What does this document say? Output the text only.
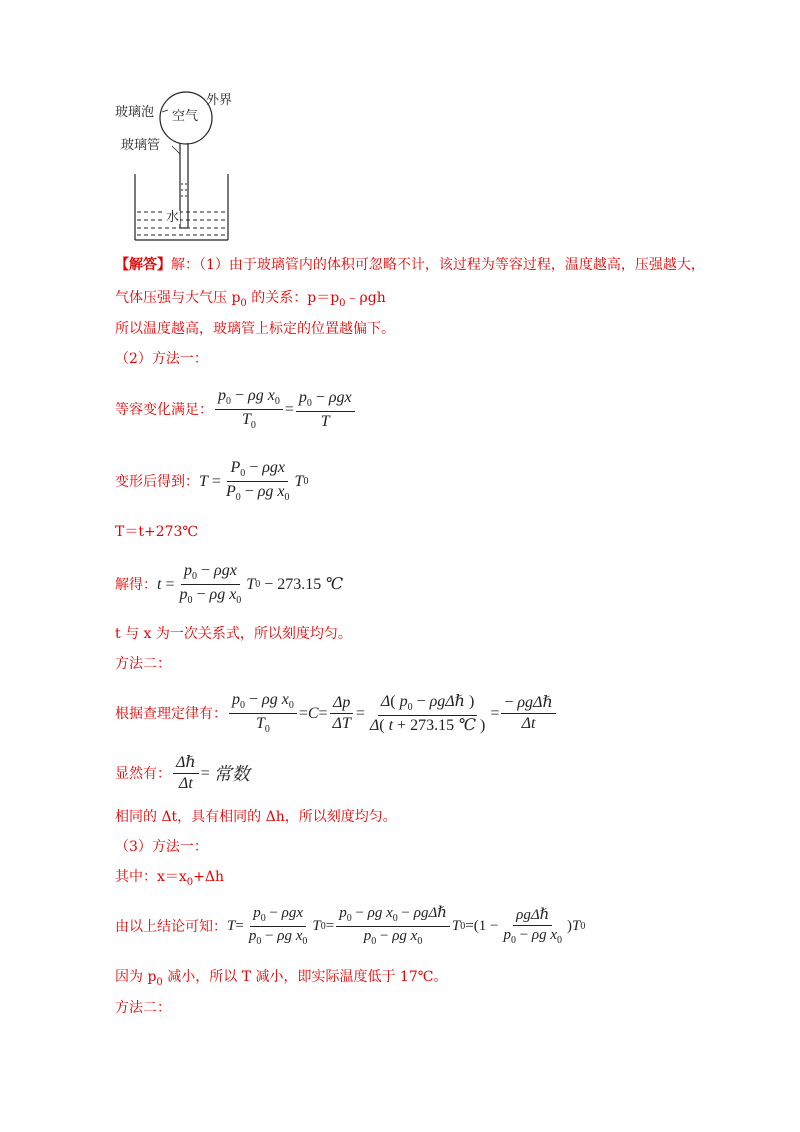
玻璃泡
外界
空气
玻璃管
水
【解答】解：（1）由于玻璃管内的体积可忽略不计，该过程为等容过程，温度越高，压强越大，
气体压强与大气压 $p_0$ 的关系：$p=p_0﹣\rho gh$
所以温度越高，玻璃管上标定的位置越偏下。
（2）方法一：
等容变化满足： $\frac{p_0 - \rho g x_0}{T_0} = \frac{p_0 - \rho gx}{T}$
变形后得到： $T = \frac{P_0 - \rho gx}{P_0 - \rho g x_0}$ T 0
T＝t+273℃
解得： $t = \frac{p_0 - \rho gx}{p_0 - \rho g x_0}$ T 0 − 273.15
℃
t 与 x 为一次关系式，所以刻度均匀。
方法二：
根据查理定律有： $\frac{p_0 - \rho g x_0}{T_0} = C = \frac{\Delta p}{\Delta T} = \frac{\Delta( p_0 - \rho g\Delta\hbar )}{\Delta( t + 273.15 ℃ )} = \frac{\text{− ρgΔℏ}}{\Delta t}$
显然有： $\frac{\text{Δℏ}}{\Delta t}$ = 常数
相同的 Δt，具有相同的 Δh，所以刻度均匀。
（3）方法一：
其中：$x=x_0+\Delta h$
由以上结论可知： $T = \frac{p_0 - \rho gx}{p_0 - \rho g x_0}$ T $0 = \frac{p_0 - \rho g x_0 - \rho g\Delta\hbar}{p_0 - \rho g x_0}$ T $0 =(1 - \frac{\text{ρgΔℏ}}{p_0 - \rho g x_0}$ ) T 0
因为 $p_0$ 减小，所以 T 减小，即实际温度低于 17℃。
方法二：
